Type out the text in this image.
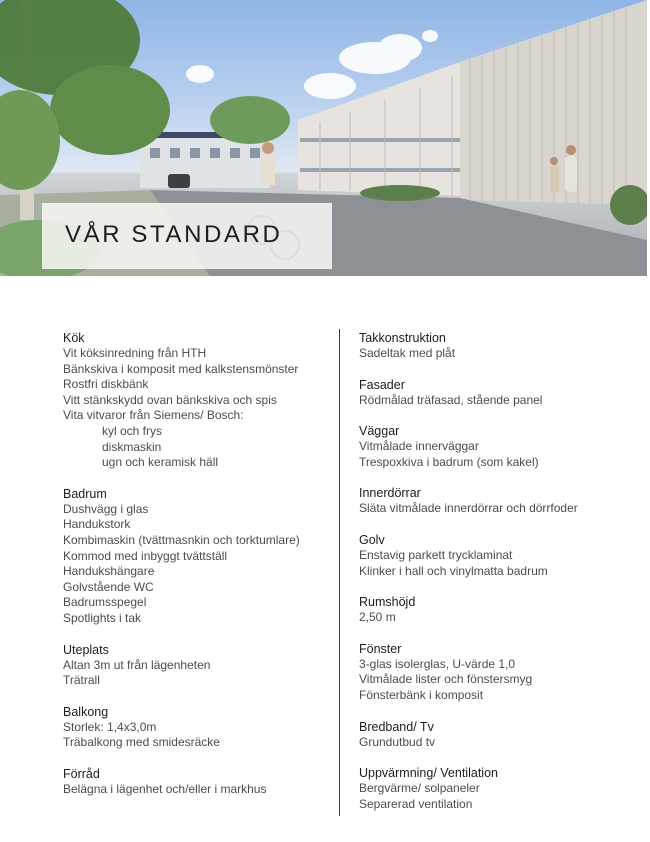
VÅR STANDARD
Kök
Vit köksinredning från HTH
Bänkskiva i komposit med kalkstensmönster
Rostfri diskbänk
Vitt stänkskydd ovan bänkskiva och spis
Vita vitvaror från Siemens/ Bosch:
kyl och frys
diskmaskin
ugn och keramisk häll
Badrum
Dushvägg i glas
Handukstork
Kombimaskin (tvättmasnkin och torktumlare)
Kommod med inbyggt tvättställ
Handukshängare
Golvstående WC
Badrumsspegel
Spotlights i tak
Uteplats
Altan 3m ut från lägenheten
Trätrall
Balkong
Storlek: 1,4x3,0m
Träbalkong med smidesräcke
Förråd
Belägna i lägenhet och/eller i markhus
Takkonstruktion
Sadeltak med plåt
Fasader
Rödmålad träfasad, stående panel
Väggar
Vitmålade innerväggar
Trespoxkiva i badrum (som kakel)
Innerdörrar
Släta vitmålade innerdörrar och dörrfoder
Golv
Enstavig parkett trycklaminat
Klinker i hall och vinylmatta badrum
Rumshöjd
2,50 m
Fönster
3-glas isolerglas, U-värde 1,0
Vitmålade lister och fönstersmyg
Fönsterbänk i komposit
Bredband/ Tv
Grundutbud tv
Uppvärmning/ Ventilation
Bergvärme/ solpaneler
Separerad ventilation
